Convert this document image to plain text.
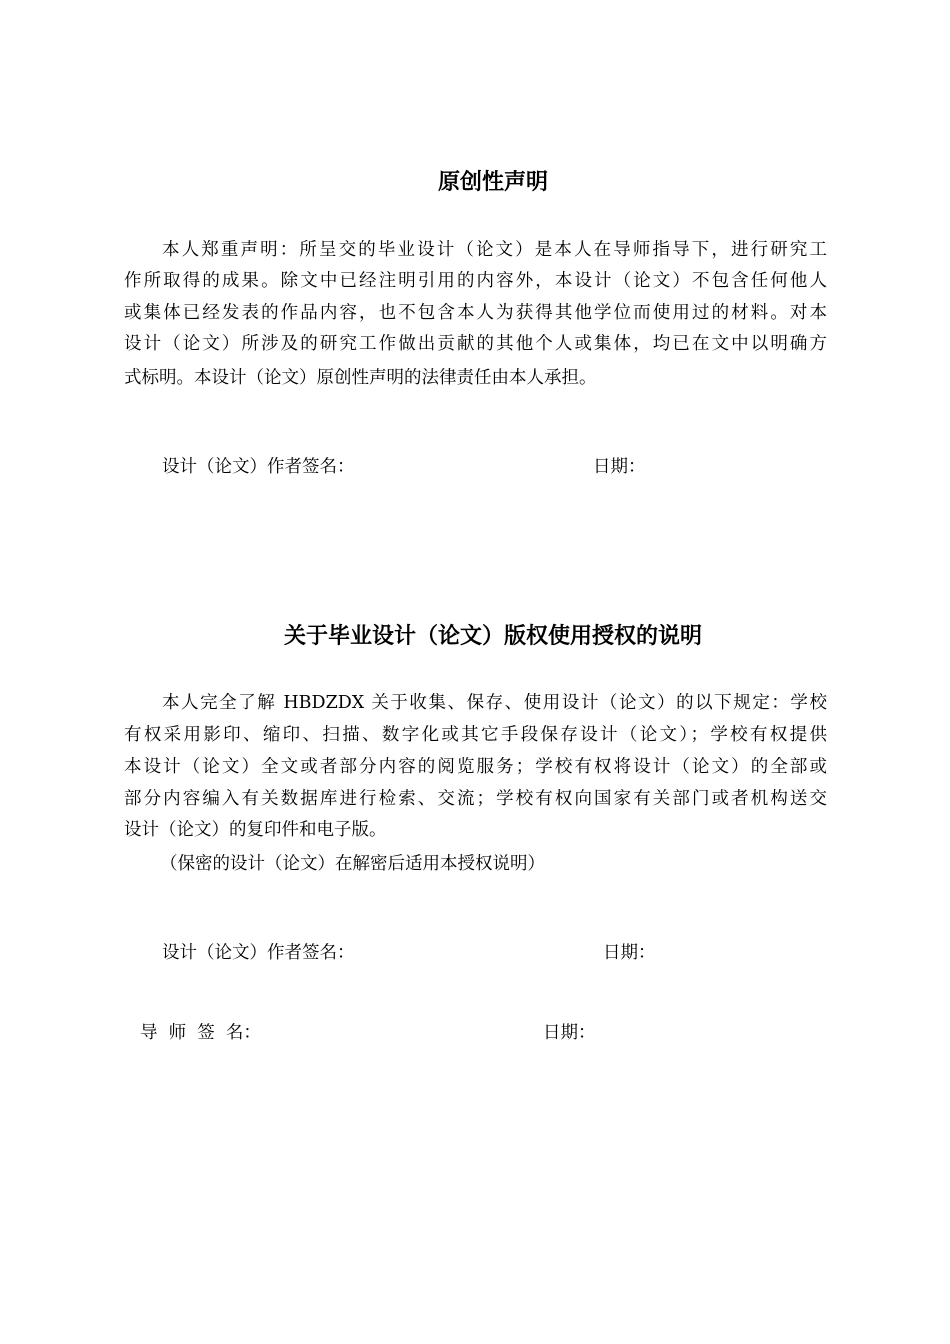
原创性声明
本人郑重声明：所呈交的毕业设计（论文）是本人在导师指导下，进行研究工
作所取得的成果。除文中已经注明引用的内容外，本设计（论文）不包含任何他人
或集体已经发表的作品内容，也不包含本人为获得其他学位而使用过的材料。对本
设计（论文）所涉及的研究工作做出贡献的其他个人或集体，均已在文中以明确方
式标明。本设计（论文）原创性声明的法律责任由本人承担。
设计（论文）作者签名：	日期：
关于毕业设计（论文）版权使用授权的说明
本人完全了解 HBDZDX 关于收集、保存、使用设计（论文）的以下规定：学校
有权采用影印、缩印、扫描、数字化或其它手段保存设计（论文）；学校有权提供
本设计（论文）全文或者部分内容的阅览服务；学校有权将设计（论文）的全部或
部分内容编入有关数据库进行检索、交流；学校有权向国家有关部门或者机构送交
设计（论文）的复印件和电子版。
（保密的设计（论文）在解密后适用本授权说明）
设计（论文）作者签名：	日期：
导  师  签  名：	日期：
